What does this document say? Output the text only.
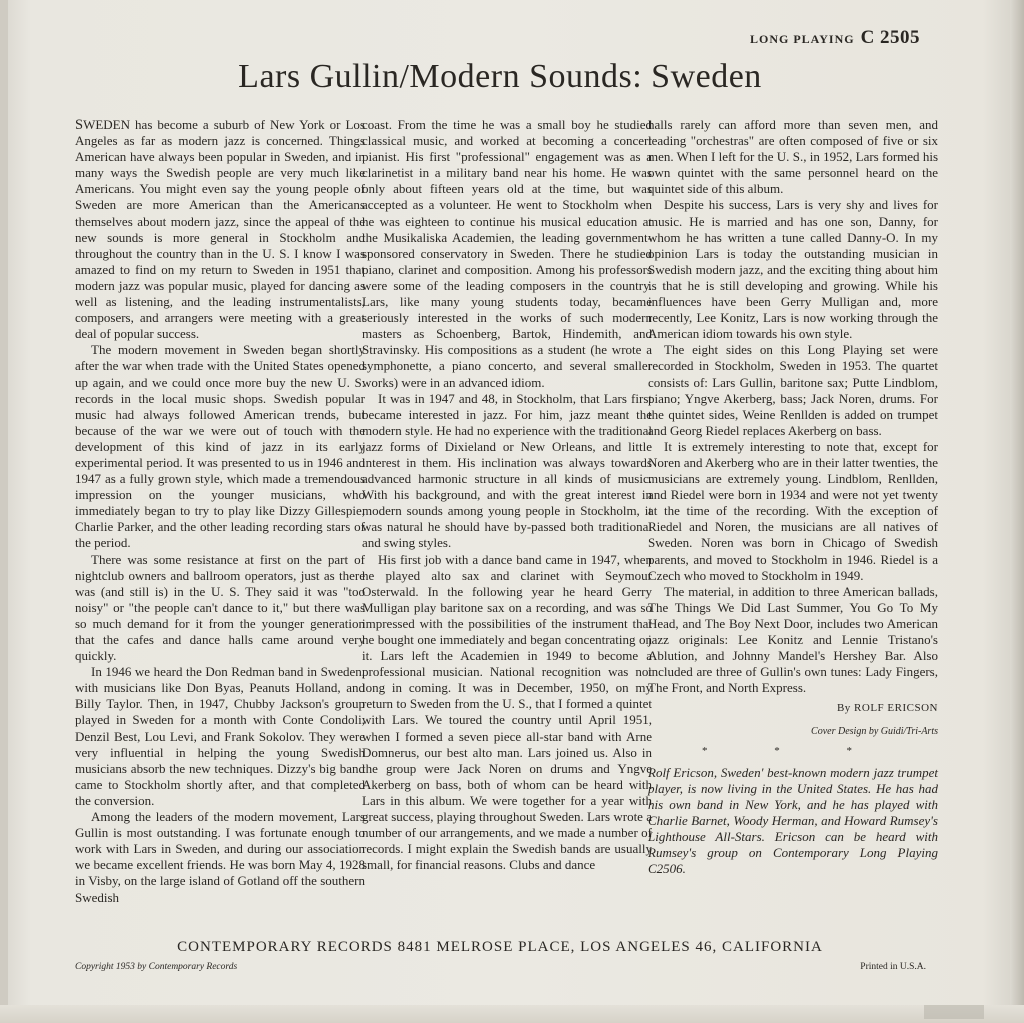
LONG PLAYING C 2505
Lars Gullin/Modern Sounds: Sweden

SWEDEN has become a suburb of New York or Los Angeles as far as modern jazz is concerned. Things American have always been popular in Sweden, and in many ways the Swedish people are very much like Americans. You might even say the young people of Sweden are more American than the Americans themselves about modern jazz, since the appeal of the new sounds is more general in Stockholm and throughout the country than in the U. S. I know I was amazed to find on my return to Sweden in 1951 that modern jazz was popular music, played for dancing as well as listening, and the leading instrumentalists, composers, and arrangers were meeting with a great deal of popular success.

The modern movement in Sweden began shortly after the war when trade with the United States opened up again, and we could once more buy the new U. S. records in the local music shops. Swedish popular music had always followed American trends, but because of the war we were out of touch with the development of this kind of jazz in its early experimental period. It was presented to us in 1946 and 1947 as a fully grown style, which made a tremendous impression on the younger musicians, who immediately began to try to play like Dizzy Gillespie, Charlie Parker, and the other leading recording stars of the period.

There was some resistance at first on the part of nightclub owners and ballroom operators, just as there was (and still is) in the U. S. They said it was "too noisy" or "the people can't dance to it," but there was so much demand for it from the younger generation that the cafes and dance halls came around very quickly.

In 1946 we heard the Don Redman band in Sweden, with musicians like Don Byas, Peanuts Holland, and Billy Taylor. Then, in 1947, Chubby Jackson's group played in Sweden for a month with Conte Condoli, Denzil Best, Lou Levi, and Frank Sokolov. They were very influential in helping the young Swedish musicians absorb the new techniques. Dizzy's big band came to Stockholm shortly after, and that completed the conversion.

Among the leaders of the modern movement, Lars Gullin is most outstanding. I was fortunate enough to work with Lars in Sweden, and during our association we became excellent friends. He was born May 4, 1928 in Visby, on the large island of Gotland off the southern Swedish

coast. From the time he was a small boy he studied classical music, and worked at becoming a concert pianist. His first "professional" engagement was as a clarinetist in a military band near his home. He was only about fifteen years old at the time, but was accepted as a volunteer. He went to Stockholm when he was eighteen to continue his musical education at the Musikaliska Academien, the leading government-sponsored conservatory in Sweden. There he studied piano, clarinet and composition. Among his professors were some of the leading composers in the country. Lars, like many young students today, became seriously interested in the works of such modern masters as Schoenberg, Bartok, Hindemith, and Stravinsky. His compositions as a student (he wrote a symphonette, a piano concerto, and several smaller works) were in an advanced idiom.

It was in 1947 and 48, in Stockholm, that Lars first became interested in jazz. For him, jazz meant the modern style. He had no experience with the traditional jazz forms of Dixieland or New Orleans, and little interest in them. His inclination was always towards advanced harmonic structure in all kinds of music. With his background, and with the great interest in modern sounds among young people in Stockholm, it was natural he should have by-passed both traditional and swing styles.

His first job with a dance band came in 1947, when he played alto sax and clarinet with Seymour Osterwald. In the following year he heard Gerry Mulligan play baritone sax on a recording, and was so impressed with the possibilities of the instrument that he bought one immediately and began concentrating on it. Lars left the Academien in 1949 to become a professional musician. National recognition was not long in coming. It was in December, 1950, on my return to Sweden from the U. S., that I formed a quintet with Lars. We toured the country until April 1951, when I formed a seven piece all-star band with Arne Domnerus, our best alto man. Lars joined us. Also in the group were Jack Noren on drums and Yngve Akerberg on bass, both of whom can be heard with Lars in this album. We were together for a year with great success, playing throughout Sweden. Lars wrote a number of our arrangements, and we made a number of records. I might explain the Swedish bands are usually small, for financial reasons. Clubs and dance

halls rarely can afford more than seven men, and leading "orchestras" are often composed of five or six men. When I left for the U. S., in 1952, Lars formed his own quintet with the same personnel heard on the quintet side of this album.

Despite his success, Lars is very shy and lives for music. He is married and has one son, Danny, for whom he has written a tune called Danny-O. In my opinion Lars is today the outstanding musician in Swedish modern jazz, and the exciting thing about him is that he is still developing and growing. While his influences have been Gerry Mulligan and, more recently, Lee Konitz, Lars is now working through the American idiom towards his own style.

The eight sides on this Long Playing set were recorded in Stockholm, Sweden in 1953. The quartet consists of: Lars Gullin, baritone sax; Putte Lindblom, piano; Yngve Akerberg, bass; Jack Noren, drums. For the quintet sides, Weine Renllden is added on trumpet and Georg Riedel replaces Akerberg on bass.

It is extremely interesting to note that, except for Noren and Akerberg who are in their latter twenties, the musicians are extremely young. Lindblom, Renllden, and Riedel were born in 1934 and were not yet twenty at the time of the recording. With the exception of Riedel and Noren, the musicians are all natives of Sweden. Noren was born in Chicago of Swedish parents, and moved to Stockholm in 1946. Riedel is a Czech who moved to Stockholm in 1949.

The material, in addition to three American ballads, The Things We Did Last Summer, You Go To My Head, and The Boy Next Door, includes two American jazz originals: Lee Konitz and Lennie Tristano's Ablution, and Johnny Mandel's Hershey Bar. Also included are three of Gullin's own tunes: Lady Fingers, The Front, and North Express.

By ROLF ERICSON
Cover Design by Guidi/Tri-Arts
* * *

Rolf Ericson, Sweden' best-known modern jazz trumpet player, is now living in the United States. He has had his own band in New York, and he has played with Charlie Barnet, Woody Herman, and Howard Rumsey's Lighthouse All-Stars. Ericson can be heard with Rumsey's group on Contemporary Long Playing C2506.

CONTEMPORARY RECORDS 8481 MELROSE PLACE, LOS ANGELES 46, CALIFORNIA
Copyright 1953 by Contemporary Records	Printed in U.S.A.
